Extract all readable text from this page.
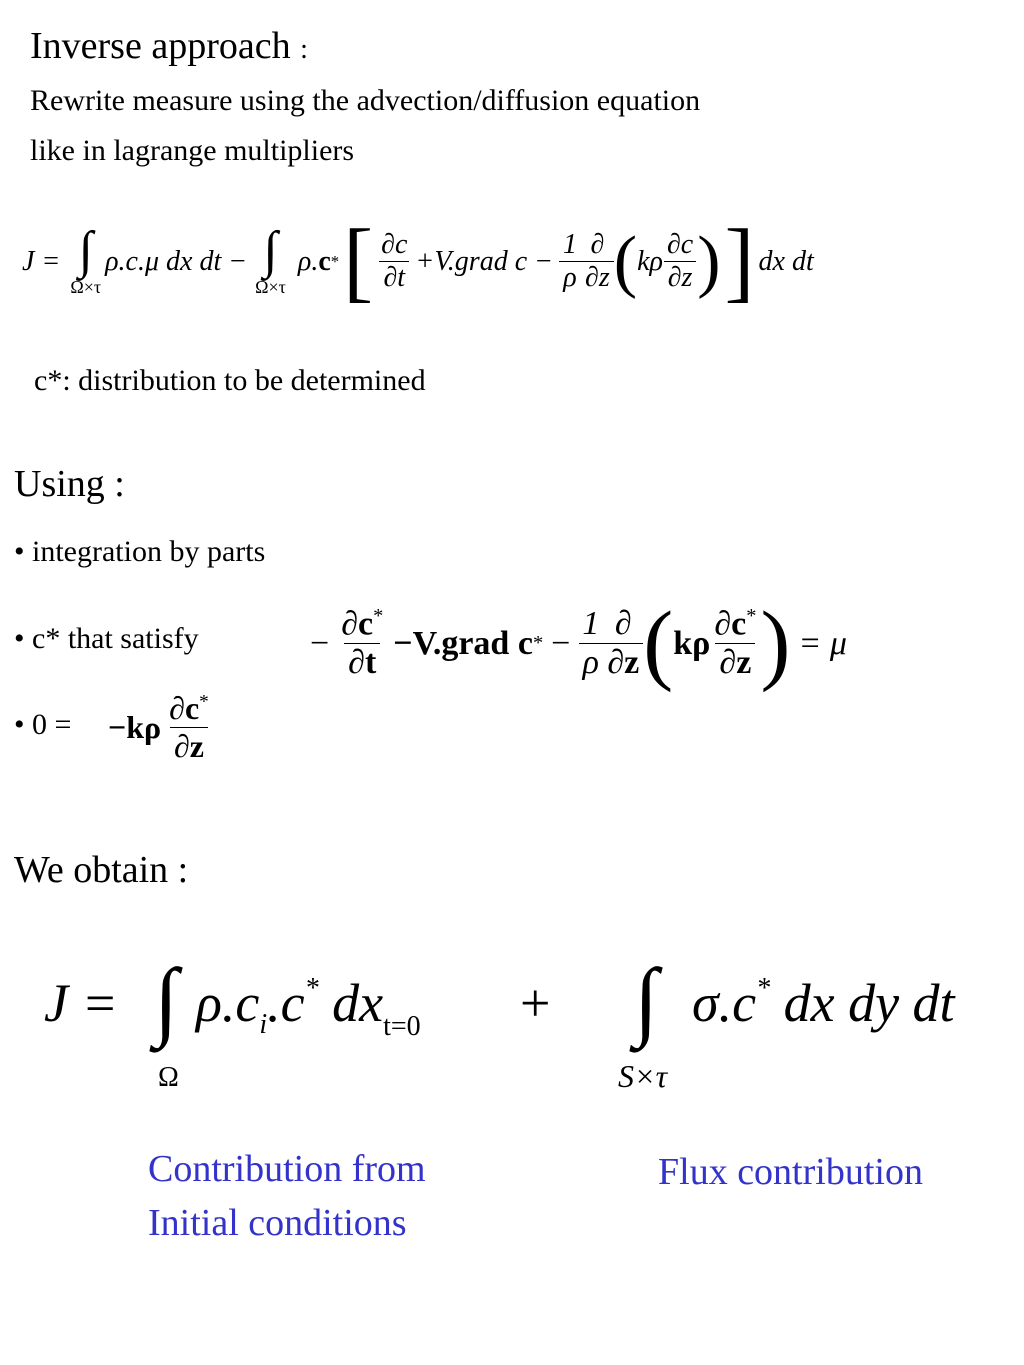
Inverse approach :
Rewrite measure using the advection/diffusion equation
like in lagrange multipliers
J = ∫
Ω×τ
ρ.c.μ dx dt − ∫
Ω×τ
ρ. c * [ $\frac{\partial c}{\partial t}$ +V.grad $c - \frac{1}{\rho} \frac{\partial}{\partial z}$ ( kρ $\frac{\partial c}{\partial z}$ ) ] dx dt
c*: distribution to be determined
Using :
• integration by parts
• c* that satisfy
• 0 =
− $\frac{\partial c^*}{\partial t}$ −V.grad c * − $\frac{1}{\rho} \frac{\partial}{\partial z}$ ( kρ $\frac{\partial c^*}{\partial z}$ ) = μ
$-k\rho \frac{\partial c^*}{\partial z}$
We obtain :
J = ∫
Ω
$\rho.c_i.c^*$ $dx_{t=0}$ + ∫
S×τ
σ.c* dx dy dt
Contribution from
Initial conditions
Flux contribution
